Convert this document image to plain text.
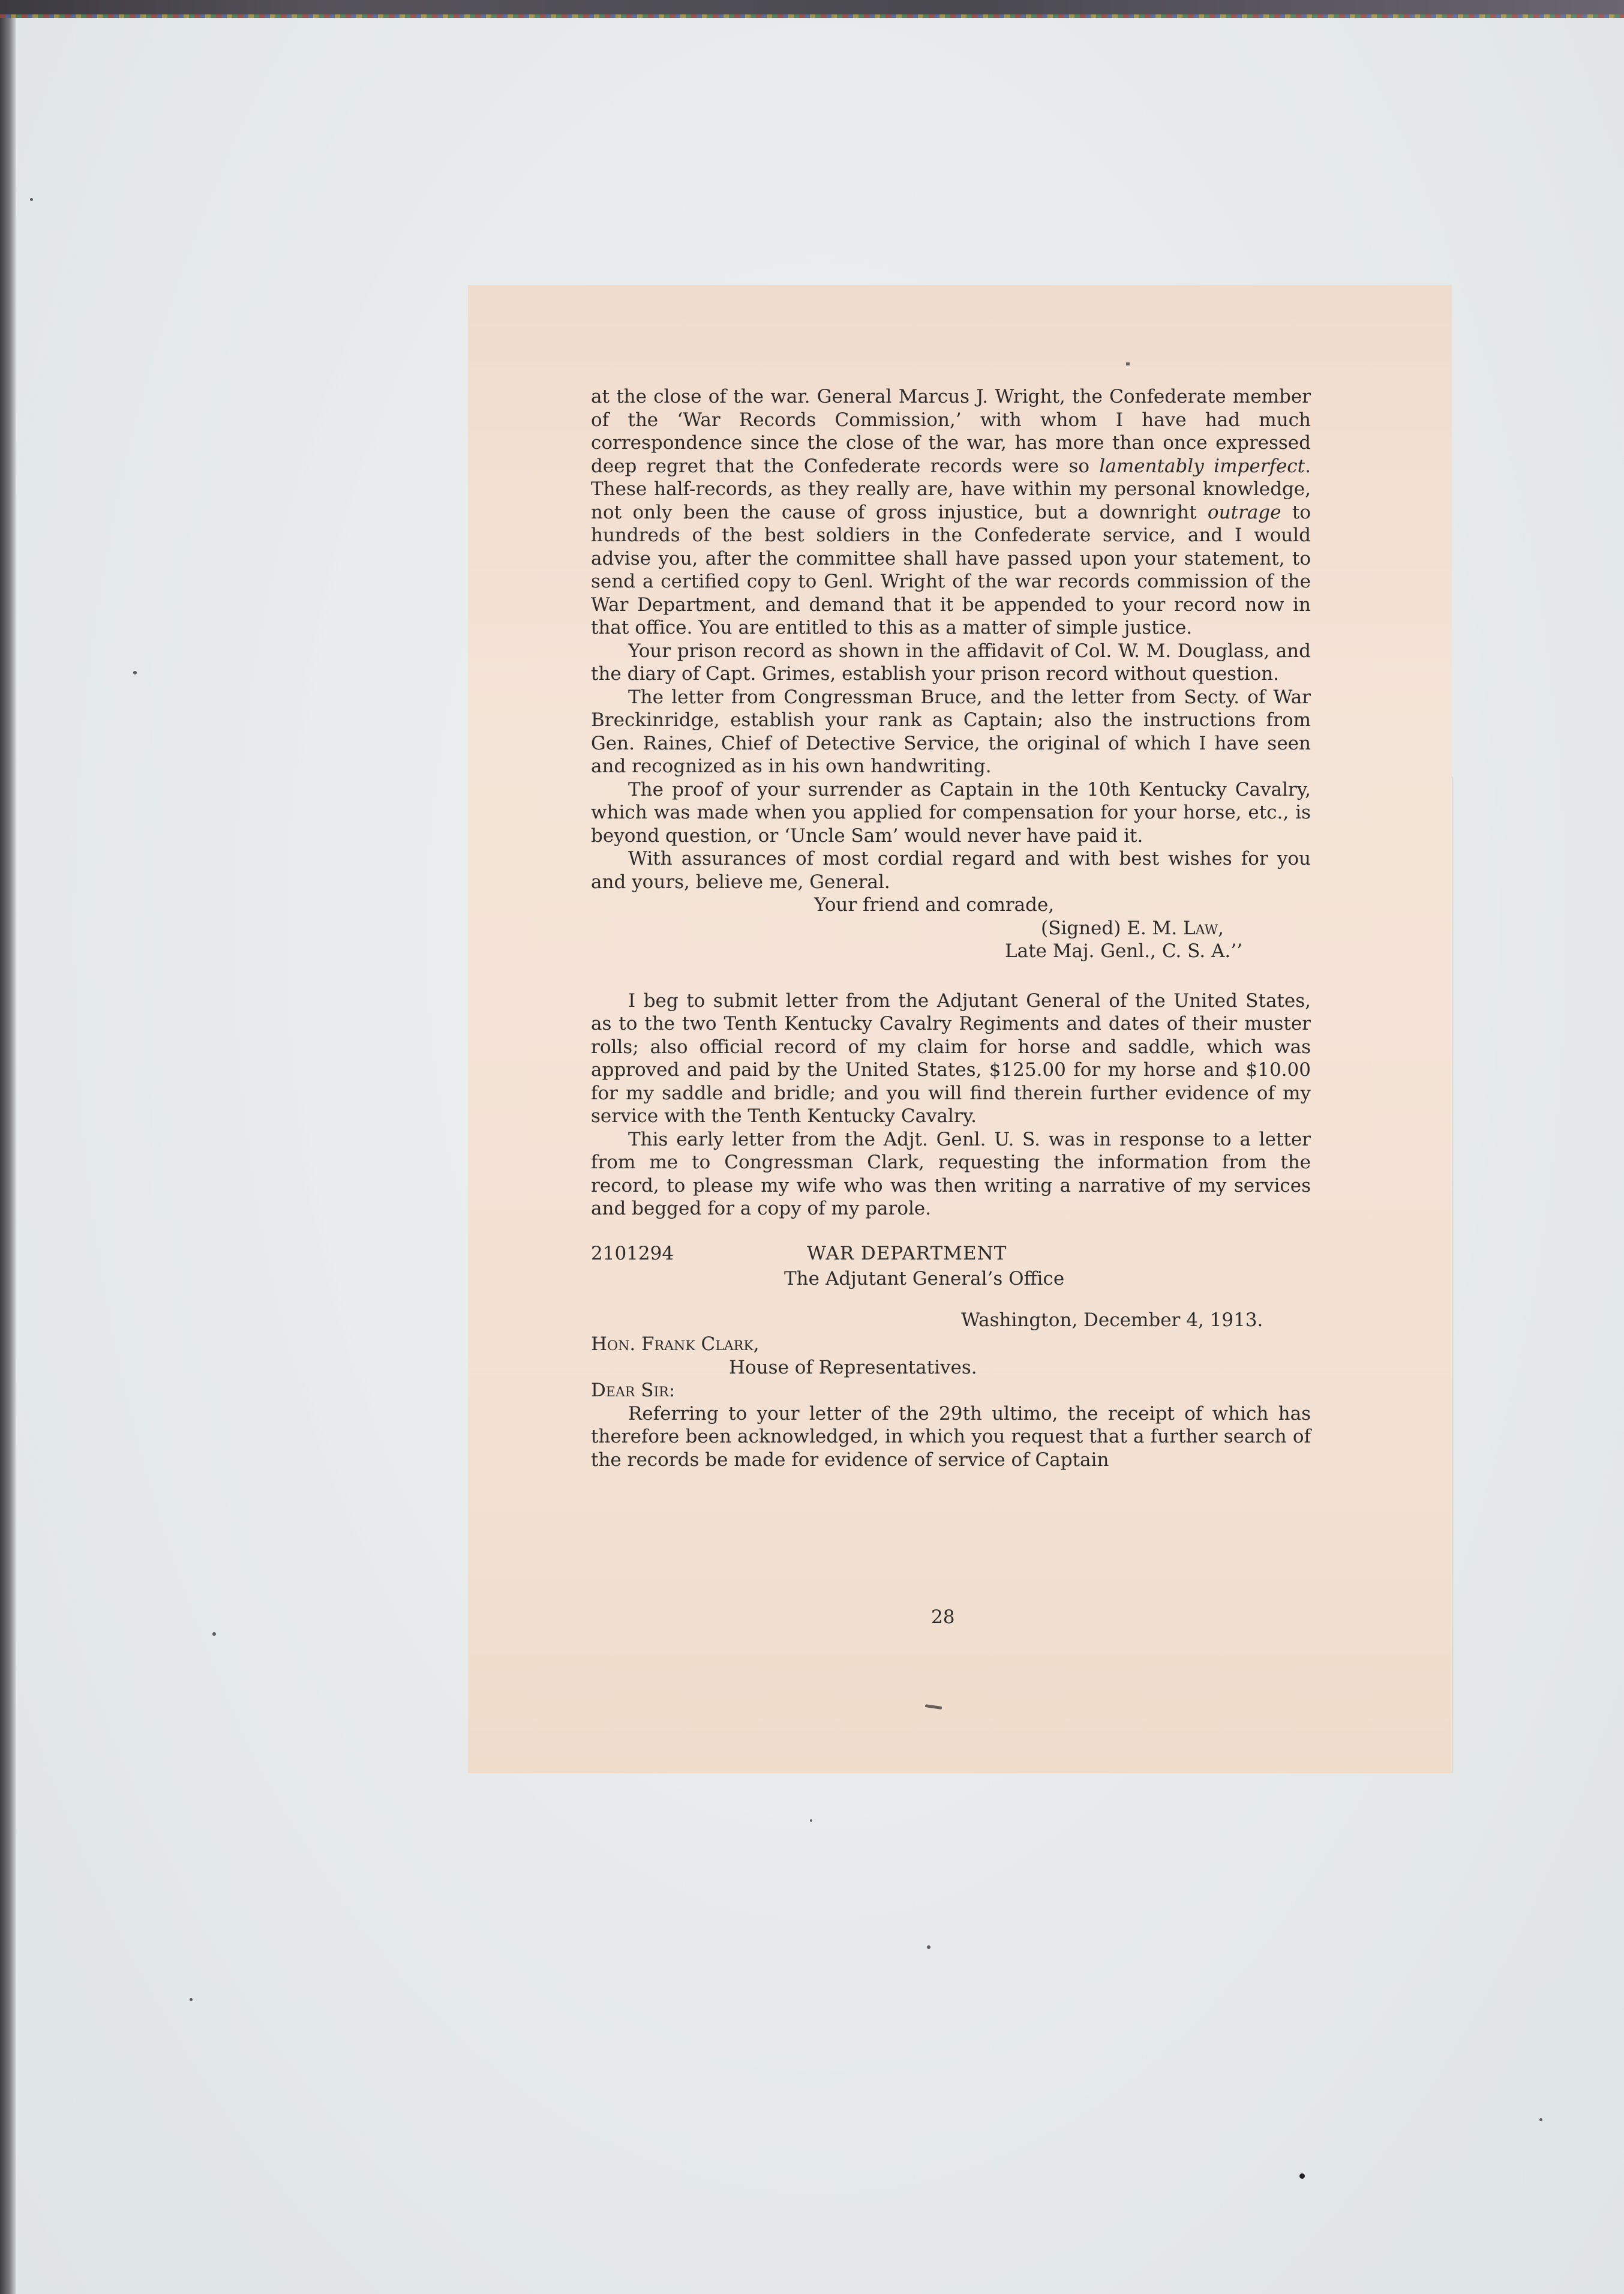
at the close of the war. General Marcus J. Wright, the Confederate member of the ‘War Records Commission,’ with whom I have had much correspondence since the close of the war, has more than once expressed deep regret that the Confederate records were so lamentably imperfect. These half-records, as they really are, have within my personal knowledge, not only been the cause of gross injustice, but a downright outrage to hundreds of the best soldiers in the Confederate service, and I would advise you, after the committee shall have passed upon your statement, to send a certified copy to Genl. Wright of the war records commission of the War Department, and demand that it be appended to your record now in that office. You are entitled to this as a matter of simple justice.

Your prison record as shown in the affidavit of Col. W. M. Douglass, and the diary of Capt. Grimes, establish your prison record without question.

The letter from Congressman Bruce, and the letter from Secty. of War Breckinridge, establish your rank as Captain; also the instructions from Gen. Raines, Chief of Detective Service, the original of which I have seen and recognized as in his own handwriting.

The proof of your surrender as Captain in the 10th Kentucky Cavalry, which was made when you applied for compensation for your horse, etc., is beyond question, or ‘Uncle Sam’ would never have paid it.

With assurances of most cordial regard and with best wishes for you and yours, believe me, General.

Your friend and comrade,
(Signed) E. M. Law,
Late Maj. Genl., C. S. A.’’

I beg to submit letter from the Adjutant General of the United States, as to the two Tenth Kentucky Cavalry Regiments and dates of their muster rolls; also official record of my claim for horse and saddle, which was approved and paid by the United States, $125.00 for my horse and $10.00 for my saddle and bridle; and you will find therein further evidence of my service with the Tenth Kentucky Cavalry.

This early letter from the Adjt. Genl. U. S. was in response to a letter from me to Congressman Clark, requesting the information from the record, to please my wife who was then writing a narrative of my services and begged for a copy of my parole.

2101294	WAR DEPARTMENT
The Adjutant General’s Office
Washington, December 4, 1913.
Hon. Frank Clark,
House of Representatives.
Dear Sir:

Referring to your letter of the 29th ultimo, the receipt of which has therefore been acknowledged, in which you request that a further search of the records be made for evidence of service of Captain

28
